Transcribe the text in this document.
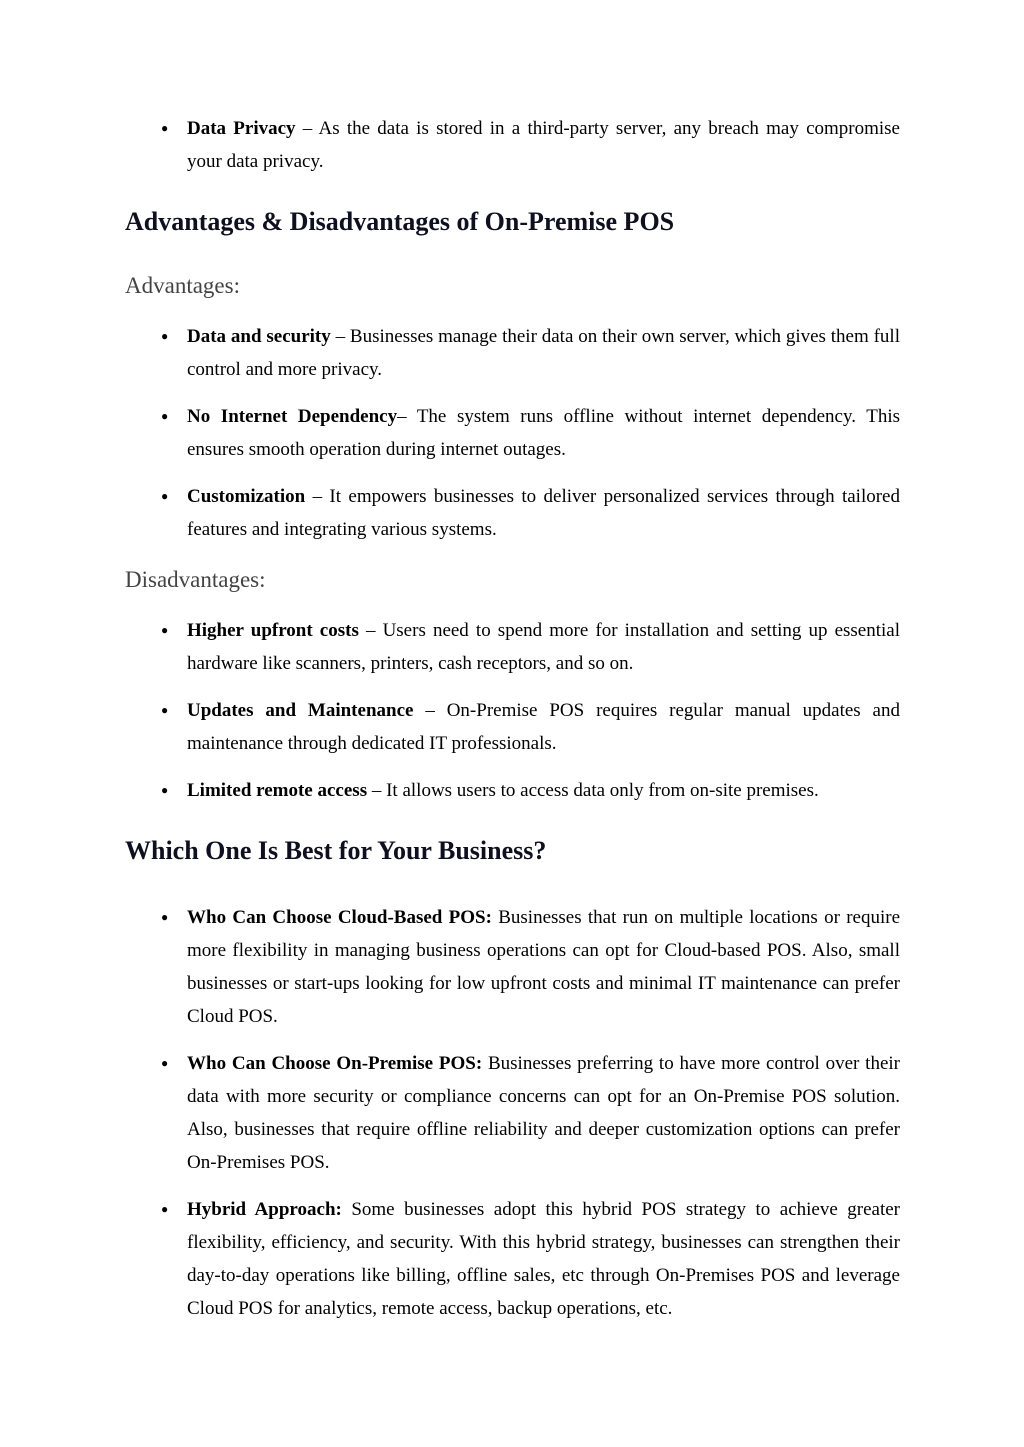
● Data Privacy – As the data is stored in a third-party server, any breach may compromise your data privacy.

Advantages & Disadvantages of On-Premise POS
Advantages:
● Data and security – Businesses manage their data on their own server, which gives them full control and more privacy.

● No Internet Dependency– The system runs offline without internet dependency. This ensures smooth operation during internet outages.

● Customization – It empowers businesses to deliver personalized services through tailored features and integrating various systems.

Disadvantages:
● Higher upfront costs – Users need to spend more for installation and setting up essential hardware like scanners, printers, cash receptors, and so on.

● Updates and Maintenance – On-Premise POS requires regular manual updates and maintenance through dedicated IT professionals.

● Limited remote access – It allows users to access data only from on-site premises.

Which One Is Best for Your Business?
● Who Can Choose Cloud-Based POS: Businesses that run on multiple locations or require more flexibility in managing business operations can opt for Cloud-based POS. Also, small businesses or start-ups looking for low upfront costs and minimal IT maintenance can prefer Cloud POS.

● Who Can Choose On-Premise POS: Businesses preferring to have more control over their data with more security or compliance concerns can opt for an On-Premise POS solution. Also, businesses that require offline reliability and deeper customization options can prefer On-Premises POS.

● Hybrid Approach: Some businesses adopt this hybrid POS strategy to achieve greater flexibility, efficiency, and security. With this hybrid strategy, businesses can strengthen their day-to-day operations like billing, offline sales, etc through On-Premises POS and leverage Cloud POS for analytics, remote access, backup operations, etc.
